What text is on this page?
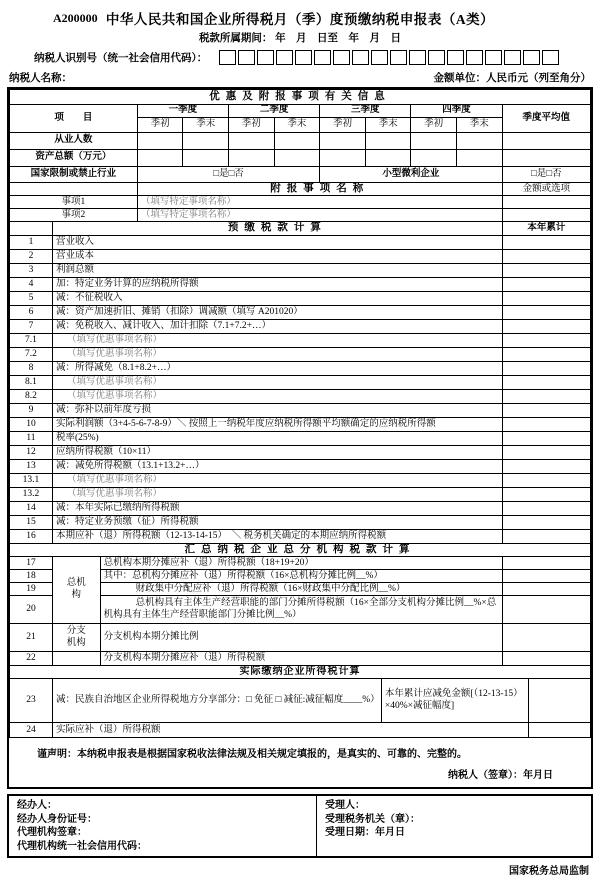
A200000 中华人民共和国企业所得税月（季）度预缴纳税申报表（A类）
税款所属期间： 年　月　日至　年　月　日
纳税人识别号（统一社会信用代码）：
纳税人名称：	金额单位：人民币元（列至角分）
优惠及附报事项有关信息									
项　　目	一季度		二季度		三季度		四季度		季度平均值
	季初	季末	季初	季末	季初	季末	季初	季末	
从业人数									
资产总额（万元）									
国家限制或禁止行业	□是□否				小型微利企业				□是□否
	附报事项名称	金额或选项
事项1	（填写特定事项名称）	
事项2	（填写特定事项名称）	
	预缴税款计算	本年累计
1	营业收入	
2	营业成本	
3	利润总额	
4	加：特定业务计算的应纳税所得额	
5	减：不征税收入	
6	减：资产加速折旧、摊销（扣除）调减额（填写 A201020）	
7	减：免税收入、减计收入、加计扣除（7.1+7.2+…）	
7.1	（填写优惠事项名称）	
7.2	（填写优惠事项名称）	
8	减：所得减免（8.1+8.2+…）	
8.1	（填写优惠事项名称）	
8.2	（填写优惠事项名称）	
9	减：弥补以前年度亏损	
10	实际利润额（3+4-5-6-7-8-9）＼ 按照上一纳税年度应纳税所得额平均额确定的应纳税所得额	
11	税率(25%)	
12	应纳所得税额（10×11）	
13	减：减免所得税额（13.1+13.2+…）	
13.1	（填写优惠事项名称）	
13.2	（填写优惠事项名称）	
14	减：本年实际已缴纳所得税额	
15	减：特定业务预缴（征）所得税额	
16	本期应补（退）所得税额（12-13-14-15）　＼ 税务机关确定的本期应纳所得税额	
汇总纳税企业总分机构税款计算			
17	总机构	总机构本期分摊应补（退）所得税额（18+19+20）	
18		其中：总机构分摊应补（退）所得税额（16×总机构分摊比例__%）	
19		财政集中分配应补（退）所得税额（16×财政集中分配比例__%）	
20		总机构具有主体生产经营职能的部门分摊所得税额（16×全部分支机构分摊比例__%×总机构具有主体生产经营职能部门分摊比例__%）	
21	分支机构	分支机构本期分摊比例	
22		分支机构本期分摊应补（退）所得税额	
实际缴纳企业所得税计算			
23	减：民族自治地区企业所得税地方分享部分：□ 免征 □ 减征:减征幅度____%）	本年累计应减免金额[（12-13-15）×40%×减征幅度]	
24	实际应补（退）所得税额		
谨声明：本纳税申报表是根据国家税收法律法规及相关规定填报的，是真实的、可靠的、完整的。
纳税人（签章）：年月日
经办人：
经办人身份证号：
代理机构签章：
代理机构统一社会信用代码：
受理人：
受理税务机关（章）：
受理日期：年月日
国家税务总局监制
